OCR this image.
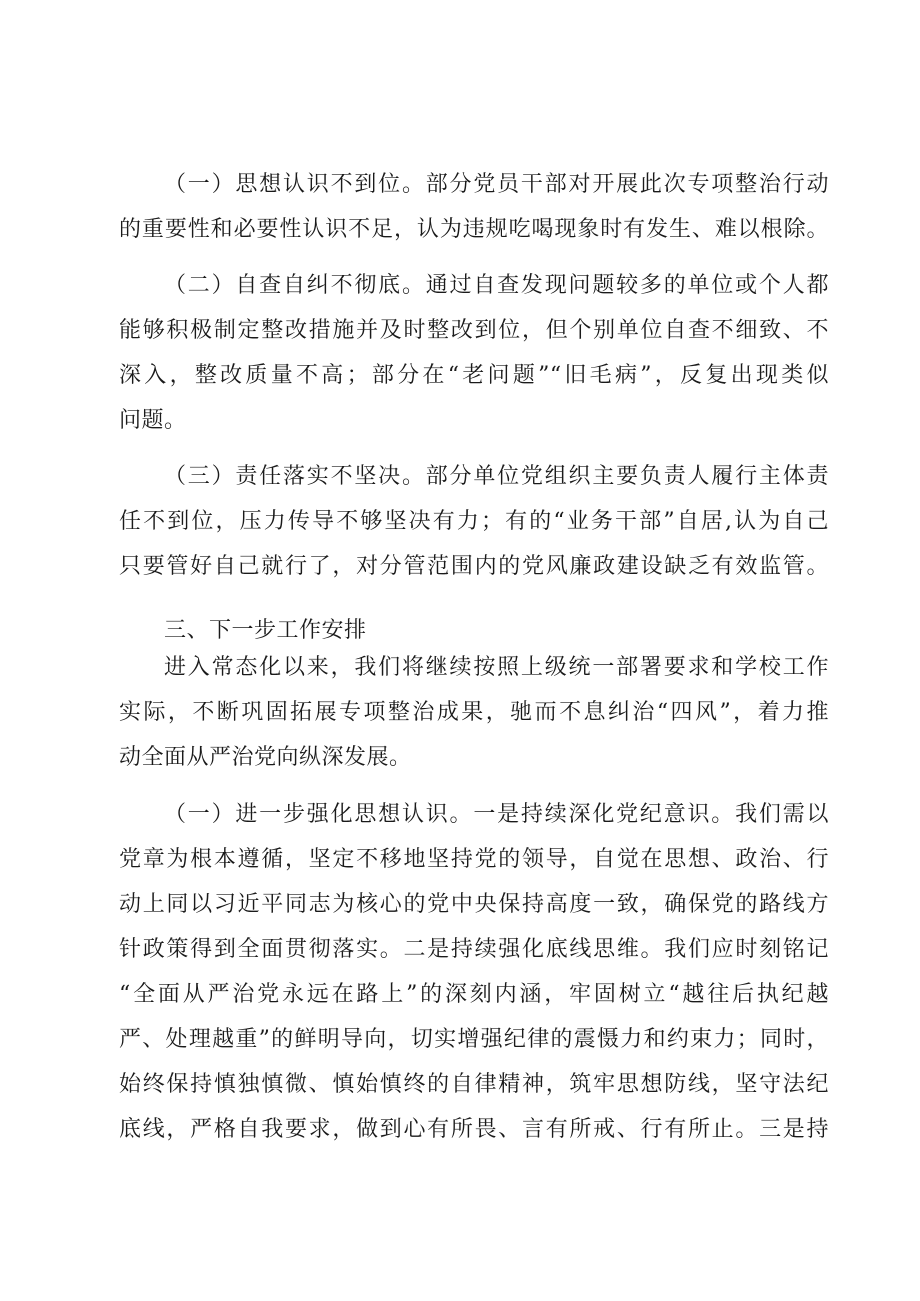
（一）思想认识不到位。部分党员干部对开展此次专项整治行动
的重要性和必要性认识不足，认为违规吃喝现象时有发生、难以根除。
（二）自查自纠不彻底。通过自查发现问题较多的单位或个人都
能够积极制定整改措施并及时整改到位，但个别单位自查不细致、不
深入，整改质量不高；部分在“老问题”“旧毛病”，反复出现类似
问题。
（三）责任落实不坚决。部分单位党组织主要负责人履行主体责
任不到位，压力传导不够坚决有力；有的“业务干部”自居,认为自己
只要管好自己就行了，对分管范围内的党风廉政建设缺乏有效监管。
三、下一步工作安排
进入常态化以来，我们将继续按照上级统一部署要求和学校工作
实际，不断巩固拓展专项整治成果，驰而不息纠治“四风”，着力推
动全面从严治党向纵深发展。
（一）进一步强化思想认识。一是持续深化党纪意识。我们需以
党章为根本遵循，坚定不移地坚持党的领导，自觉在思想、政治、行
动上同以习近平同志为核心的党中央保持高度一致，确保党的路线方
针政策得到全面贯彻落实。二是持续强化底线思维。我们应时刻铭记
“全面从严治党永远在路上”的深刻内涵，牢固树立“越往后执纪越
严、处理越重”的鲜明导向，切实增强纪律的震慑力和约束力；同时，
始终保持慎独慎微、慎始慎终的自律精神，筑牢思想防线，坚守法纪
底线，严格自我要求，做到心有所畏、言有所戒、行有所止。三是持
